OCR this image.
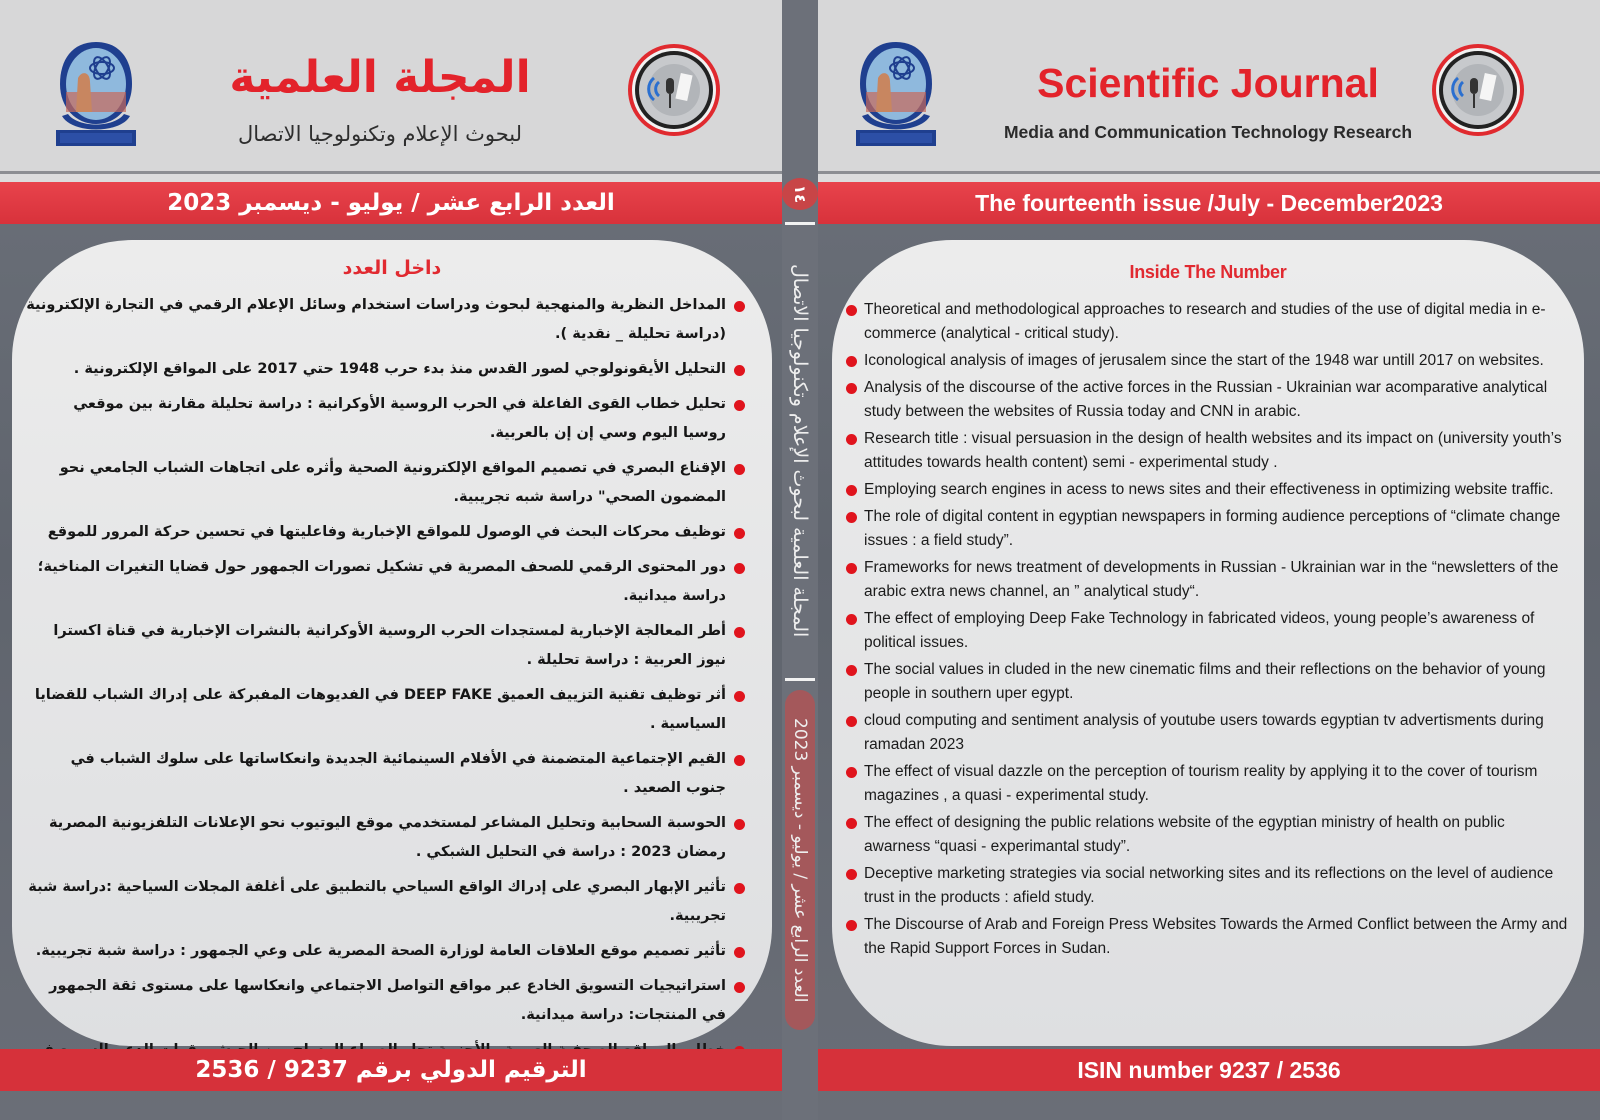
المجلة العلمية
لبحوث الإعلام وتكنولوجيا الاتصال
العدد الرابع عشر / يوليو - ديسمبر 2023
داخل العدد
المداخل النظرية والمنهجية لبحوث ودراسات استخدام وسائل الإعلام الرقمي في التجارة الإلكترونية (دراسة تحليلة _ نقدية ).
التحليل الأيقونولوجي لصور القدس منذ بدء حرب 1948 حتي 2017 على المواقع الإلكترونية .
تحليل خطاب القوى الفاعلة في الحرب الروسية الأوكرانية : دراسة تحليلة مقارنة بين موقعي روسيا اليوم وسي إن إن بالعربية.
الإقناع البصري في تصميم المواقع الإلكترونية الصحية وأثره على اتجاهات الشباب الجامعي نحو المضمون الصحي" دراسة شبه تجريبية.
توظيف محركات البحث في الوصول للمواقع الإخبارية وفاعليتها في تحسين حركة المرور للموقع
دور المحتوى الرقمي للصحف المصرية في تشكيل تصورات الجمهور حول قضايا التغيرات المناخية؛ دراسة ميدانية.
أطر المعالجة الإخبارية لمستجدات الحرب الروسية الأوكرانية بالنشرات الإخبارية في قناة اكسترا نيوز العربية : دراسة تحليلة .
أثر توظيف تقنية التزييف العميق DEEP FAKE في الفديوهات المفبركة على إدراك الشباب للقضايا السياسية .
القيم الإجتماعية المتضمنة في الأفلام السينمائية الجديدة وانعكاساتها على سلوك الشباب في جنوب الصعيد .
الحوسبة السحابية وتحليل المشاعر لمستخدمي موقع اليوتيوب نحو الإعلانات التلفزيونية المصرية رمضان 2023 : دراسة في التحليل الشبكي .
تأثير الإبهار البصري على إدراك الواقع السياحي بالتطبيق على أغلفة المجلات السياحية :دراسة شبة تجريبية.
تأثير تصميم موقع العلاقات العامة لوزارة الصحة المصرية على وعي الجمهور : دراسة شبة تجريبية.
استراتيجيات التسويق الخادع عبر مواقع التواصل الاجتماعي وانعكاسها على مستوى ثقة الجمهور في المنتجات: دراسة ميدانية.
الترقيم الدولي برقم 9237 / 2536
١٤
المجلة العلمية لبحوث الإعلام وتكنولوجيا الاتصال
العدد الرابع عشر / يوليو - ديسمبر 2023
Scientific Journal
Media and Communication Technology Research
The fourteenth issue /July - December2023
Inside The Number
Theoretical and methodological approaches to research and studies of the use of digital media in e-commerce (analytical - critical study).
Iconological analysis of images of jerusalem since the start of the 1948 war untill 2017 on websites.
Analysis of the discourse of the active forces in the Russian - Ukrainian war acomparative analytical study between the websites of Russia today and CNN in arabic.
Research title : visual persuasion in the design of health websites and its impact on (university youth’s attitudes towards health content) semi - experimental study .
Employing search engines in acess to news sites and their effectiveness in optimizing website traffic.
The role of digital content in egyptian newspapers in forming audience perceptions of “climate change issues : a field study”.
Frameworks for news treatment of developments in Russian - Ukrainian war in the “newsletters of the arabic extra news channel, an ” analytical study“.
The effect of employing Deep Fake Technology in fabricated videos, young people’s awareness of political issues.
The social values in cluded in the new cinematic films and their reflections on the behavior of young people in southern uper egypt.
cloud computing and sentiment analysis of youtube users towards egyptian tv advertisments during ramadan 2023
The effect of visual dazzle on the perception of tourism reality by applying it to the cover of tourism magazines , a quasi - experimental study.
The effect of designing the public relations website of the egyptian ministry of health on public awarness “quasi - experimantal study”.
Deceptive marketing strategies via social networking sites and its reflections on the level of audience trust in the products : afield study.
The Discourse of Arab and Foreign Press Websites Towards the Armed Conflict between the Army and the Rapid Support Forces in Sudan.
ISIN number 9237 / 2536
